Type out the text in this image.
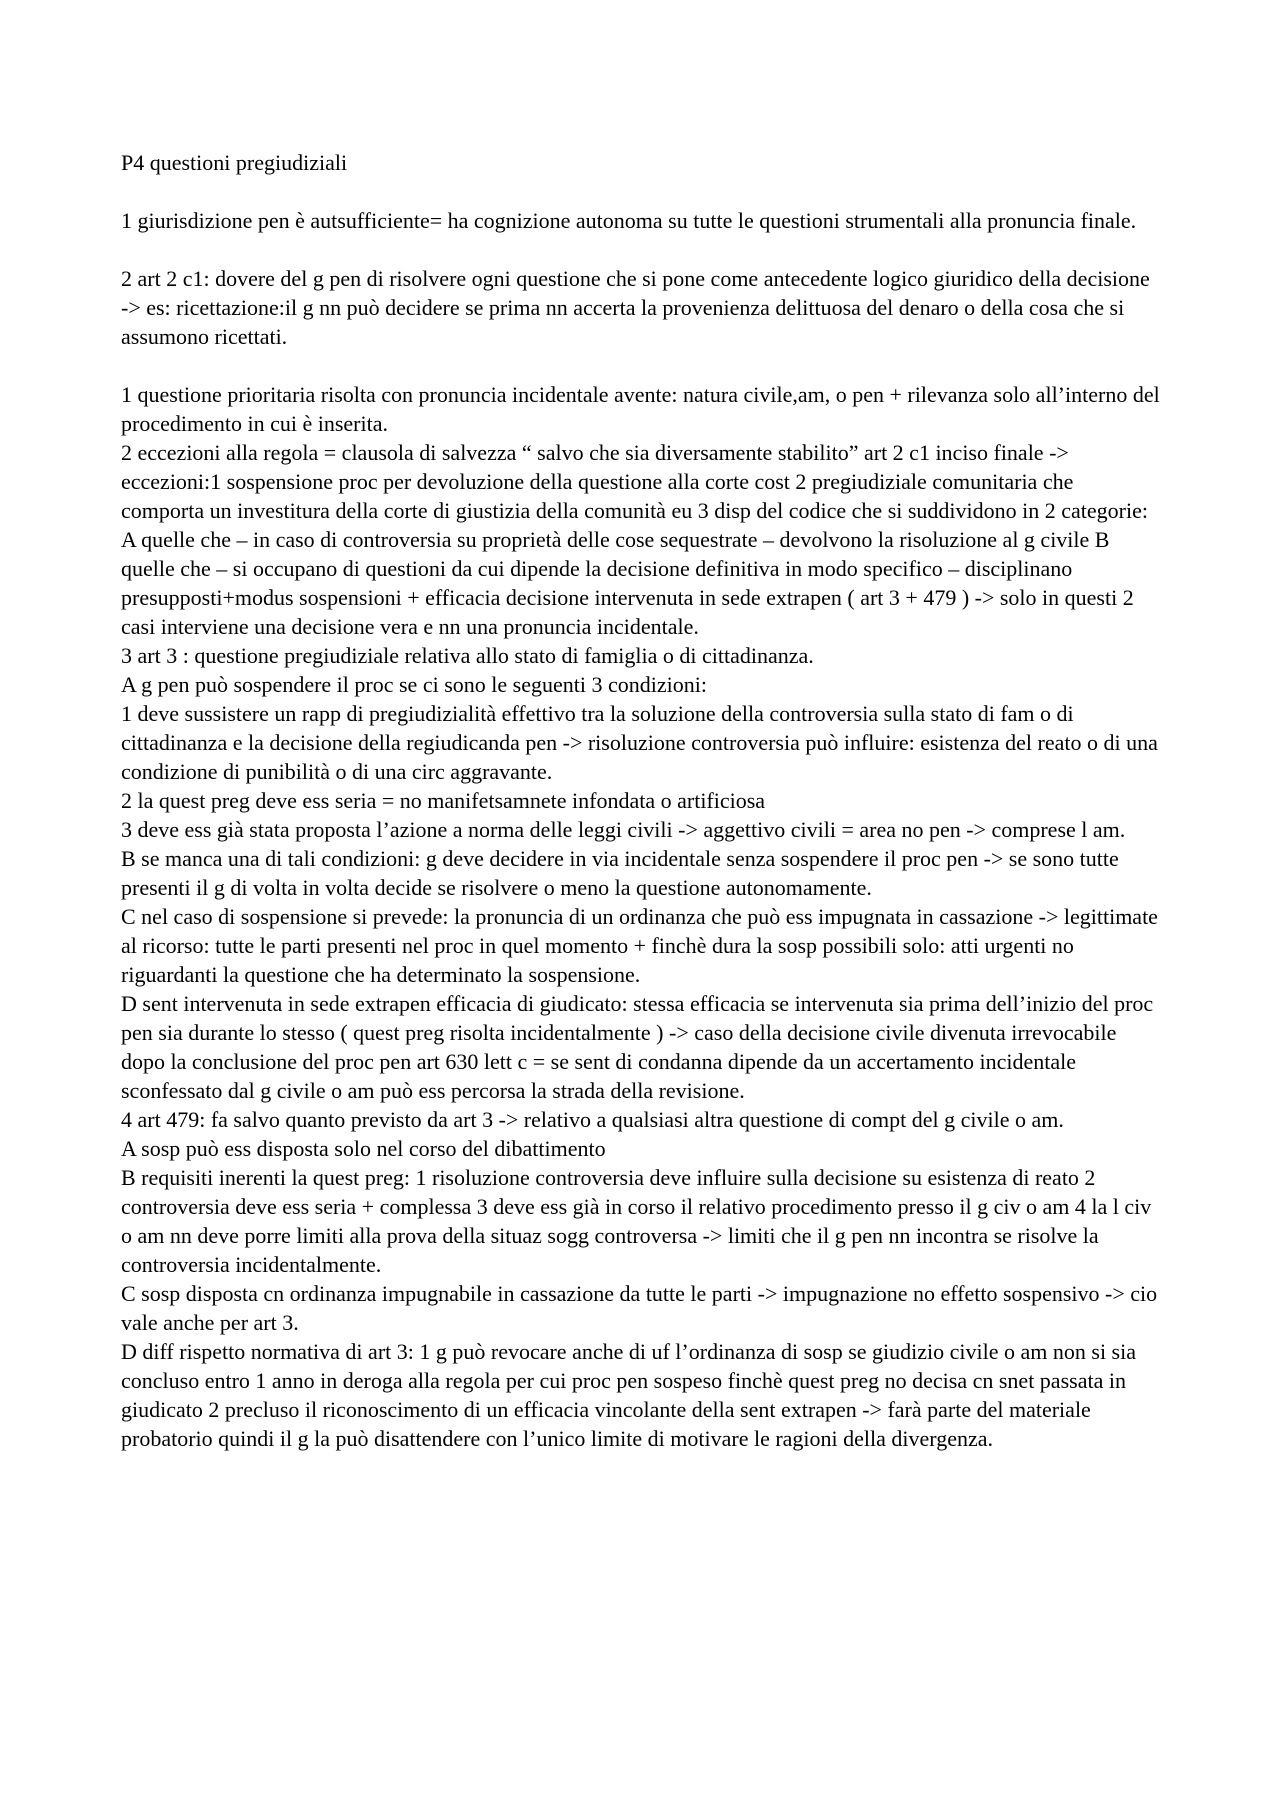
P4 questioni pregiudiziali

1 giurisdizione pen è autsufficiente= ha cognizione autonoma su tutte le questioni strumentali alla pronuncia finale.

2 art 2 c1: dovere del g pen di risolvere ogni questione che si pone come antecedente logico giuridico della decisione -> es: ricettazione:il g nn può decidere se prima nn accerta la provenienza delittuosa del denaro o della cosa che si assumono ricettati.

1 questione prioritaria risolta con pronuncia incidentale avente: natura civile,am, o pen + rilevanza solo all’interno del procedimento in cui è inserita.

2 eccezioni alla regola = clausola di salvezza “ salvo che sia diversamente stabilito” art 2 c1 inciso finale -> eccezioni:1 sospensione proc per devoluzione della questione alla corte cost 2 pregiudiziale comunitaria che comporta un investitura della corte di giustizia della comunità eu 3 disp del codice che si suddividono in 2 categorie: A quelle che – in caso di controversia su proprietà delle cose sequestrate – devolvono la risoluzione al g civile B quelle che – si occupano di questioni da cui dipende la decisione definitiva in modo specifico – disciplinano presupposti+modus sospensioni + efficacia decisione intervenuta in sede extrapen ( art 3 + 479 ) -> solo in questi 2 casi interviene una decisione vera e nn una pronuncia incidentale.

3 art 3 : questione pregiudiziale relativa allo stato di famiglia o di cittadinanza.

A g pen può sospendere il proc se ci sono le seguenti 3 condizioni:

1 deve sussistere un rapp di pregiudizialità effettivo tra la soluzione della controversia sulla stato di fam o di cittadinanza e la decisione della regiudicanda pen -> risoluzione controversia può influire: esistenza del reato o di una condizione di punibilità o di una circ aggravante.

2 la quest preg deve ess seria = no manifetsamnete infondata o artificiosa

3 deve ess già stata proposta l’azione a norma delle leggi civili -> aggettivo civili = area no pen -> comprese l am.

B se manca una di tali condizioni: g deve decidere in via incidentale senza sospendere il proc pen -> se sono tutte presenti il g di volta in volta decide se risolvere o meno la questione autonomamente.

C nel caso di sospensione si prevede: la pronuncia di un ordinanza che può ess impugnata in cassazione -> legittimate al ricorso: tutte le parti presenti nel proc in quel momento + finchè dura la sosp possibili solo: atti urgenti no riguardanti la questione che ha determinato la sospensione.

D sent intervenuta in sede extrapen efficacia di giudicato: stessa efficacia se intervenuta sia prima dell’inizio del proc pen sia durante lo stesso ( quest preg risolta incidentalmente ) -> caso della decisione civile divenuta irrevocabile dopo la conclusione del proc pen art 630 lett c = se sent di condanna dipende da un accertamento incidentale sconfessato dal g civile o am può ess percorsa la strada della revisione.

4 art 479: fa salvo quanto previsto da art 3 -> relativo a qualsiasi altra questione di compt del g civile o am.

A sosp può ess disposta solo nel corso del dibattimento

B requisiti inerenti la quest preg: 1 risoluzione controversia deve influire sulla decisione su esistenza di reato 2 controversia deve ess seria + complessa 3 deve ess già in corso il relativo procedimento presso il g civ o am 4 la l civ o am nn deve porre limiti alla prova della situaz sogg controversa -> limiti che il g pen nn incontra se risolve la controversia incidentalmente.

C sosp disposta cn ordinanza impugnabile in cassazione da tutte le parti -> impugnazione no effetto sospensivo -> cio vale anche per art 3.

D diff rispetto normativa di art 3: 1 g può revocare anche di uf l’ordinanza di sosp se giudizio civile o am non si sia concluso entro 1 anno in deroga alla regola per cui proc pen sospeso finchè quest preg no decisa cn snet passata in giudicato 2 precluso il riconoscimento di un efficacia vincolante della sent extrapen -> farà parte del materiale probatorio quindi il g la può disattendere con l’unico limite di motivare le ragioni della divergenza.
